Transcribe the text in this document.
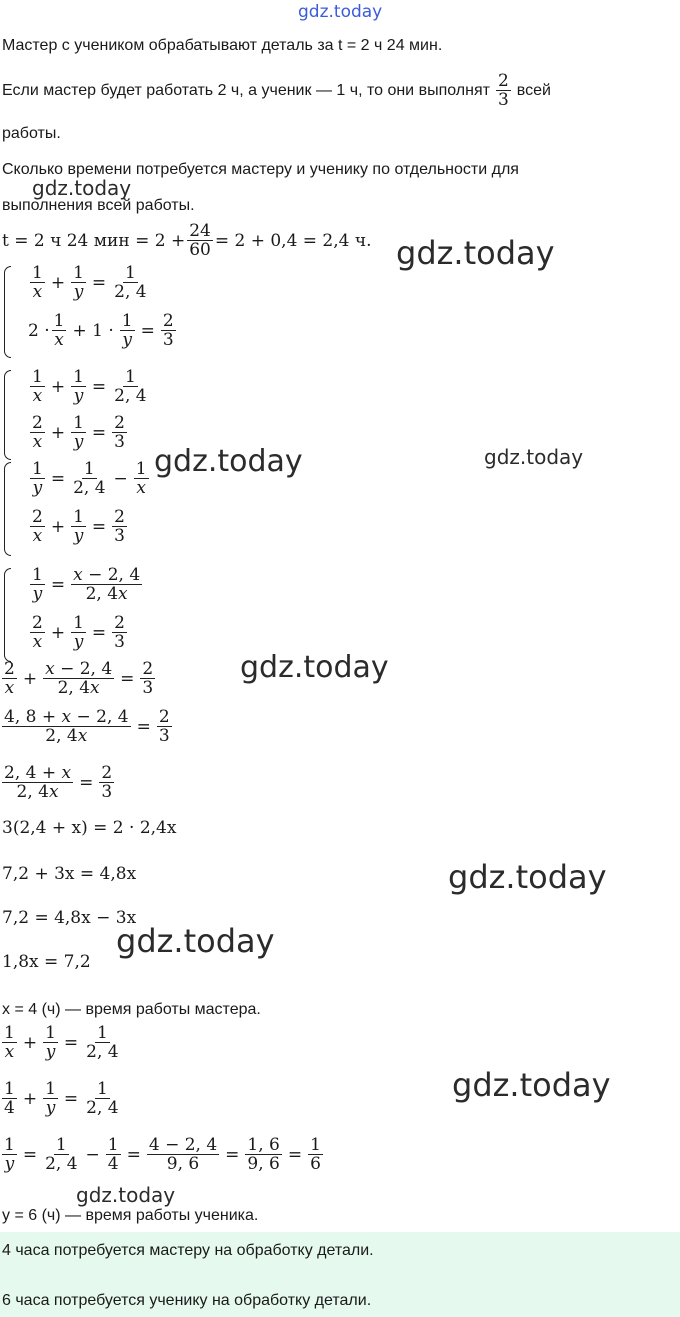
gdz.today
Мастер с учеником обрабатывают деталь за t = 2 ч 24 мин.
Если мастер будет работать 2 ч, а ученик — 1 ч, то они выполнят $\frac{2}{3}$ всей
работы.
Сколько времени потребуется мастеру и ученику по отдельности для
выполнения всей работы.
t = 2 ч 24 мин = $2 + \frac{24}{60} = 2 + 0,4 = 2,4$ ч.
$\frac{1}{x} + \frac{1}{y} = \frac{1}{2, 4}$
$2 \cdot \frac{1}{x} + 1 \cdot \frac{1}{y} = \frac{2}{3}$
$\frac{1}{x} + \frac{1}{y} = \frac{1}{2, 4}$
$\frac{2}{x} + \frac{1}{y} = \frac{2}{3}$
$\frac{1}{y} = \frac{1}{2, 4} - \frac{1}{x}$
$\frac{2}{x} + \frac{1}{y} = \frac{2}{3}$
$\frac{1}{y} = \frac{x - 2, 4}{2, 4x}$
$\frac{2}{x} + \frac{1}{y} = \frac{2}{3}$
$\frac{2}{x} + \frac{x - 2, 4}{2, 4x} = \frac{2}{3}$
$\frac{4, 8 + x - 2, 4}{2, 4x} = \frac{2}{3}$
$\frac{2, 4 + x}{2, 4x} = \frac{2}{3}$
3(2,4 + x) = 2 · 2,4x
7,2 + 3x = 4,8x
7,2 = 4,8x − 3x
1,8x = 7,2
x = 4 (ч) — время работы мастера.
$\frac{1}{x} + \frac{1}{y} = \frac{1}{2, 4}$
$\frac{1}{4} + \frac{1}{y} = \frac{1}{2, 4}$
$\frac{1}{y} = \frac{1}{2, 4} - \frac{1}{4} = \frac{4 - 2, 4}{9, 6} = \frac{1, 6}{9, 6} = \frac{1}{6}$
y = 6 (ч) — время работы ученика.
4 часа потребуется мастеру на обработку детали.
6 часа потребуется ученику на обработку детали.
gdz.today
gdz.today
gdz.today	gdz.today
gdz.today
gdz.today
gdz.today
gdz.today
gdz.today
